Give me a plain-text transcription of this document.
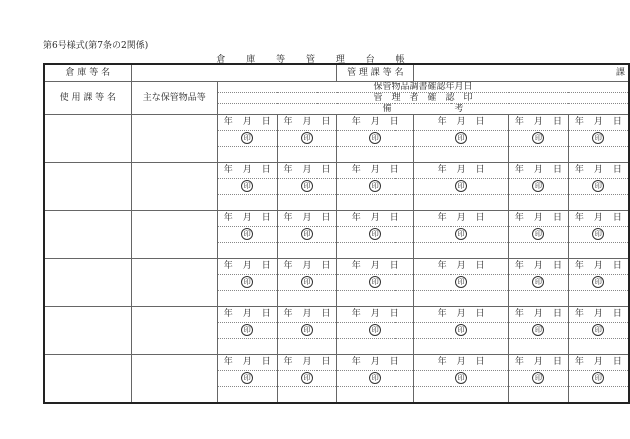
第6号様式(第7条の2関係)
倉 庫 等 管 理 台 帳
倉 庫 等 名				管 理 課 等 名	課		
使 用 課 等 名	主な保管物品等	保管物品調書確認年月日					
		管　理　者　確　認　印					
		備　　　　　　　考					
		年 月 日	年 月 日	年 月 日	年 月 日	年 月 日	年 月 日
		印	印	印	印	印	印

		年 月 日	年 月 日	年 月 日	年 月 日	年 月 日	年 月 日
		印	印	印	印	印	印

		年 月 日	年 月 日	年 月 日	年 月 日	年 月 日	年 月 日
		印	印	印	印	印	印

		年 月 日	年 月 日	年 月 日	年 月 日	年 月 日	年 月 日
		印	印	印	印	印	印

		年 月 日	年 月 日	年 月 日	年 月 日	年 月 日	年 月 日
		印	印	印	印	印	印

		年 月 日	年 月 日	年 月 日	年 月 日	年 月 日	年 月 日
		印	印	印	印	印	印
